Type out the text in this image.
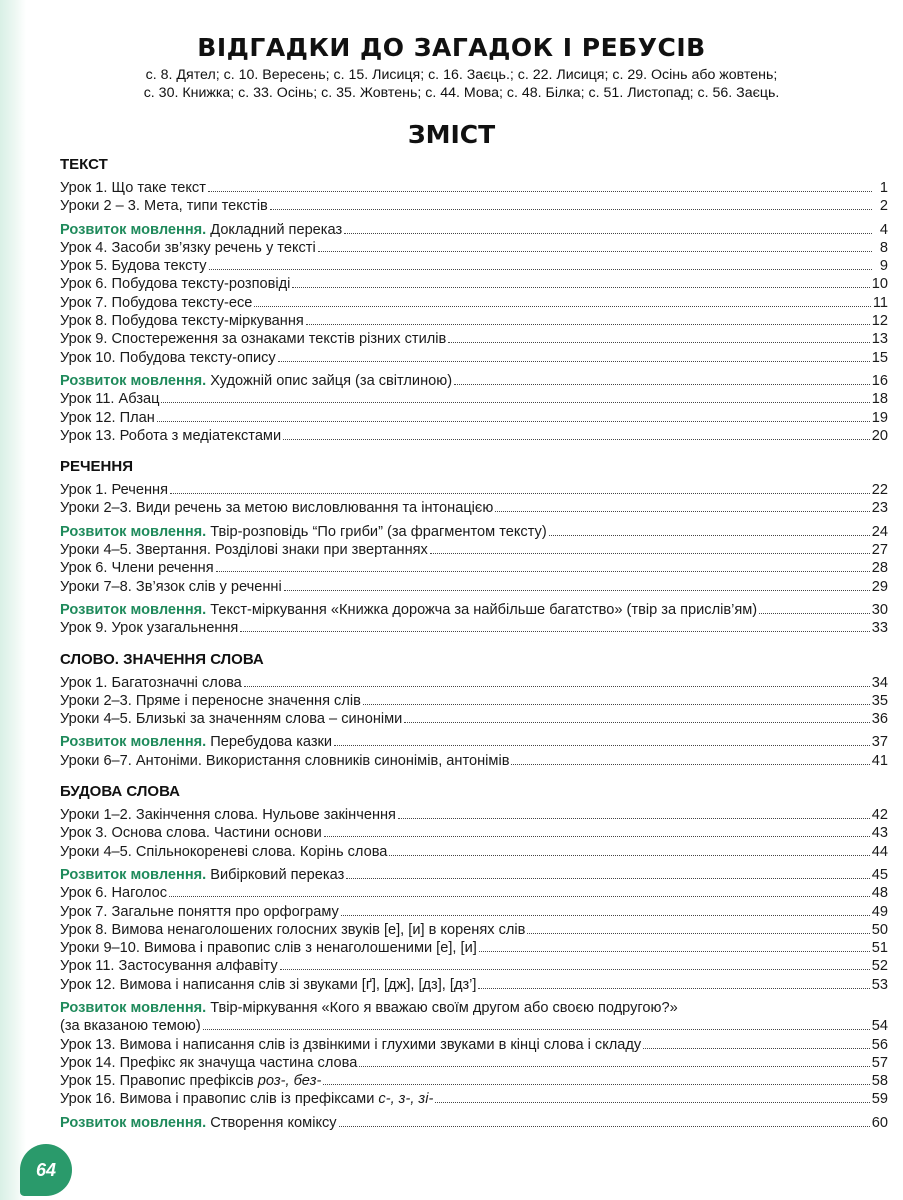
ВІДГАДКИ ДО ЗАГАДОК І РЕБУСІВ
с. 8. Дятел; с. 10. Вересень; с. 15. Лисиця; с. 16. Заєць.; с. 22. Лисиця; с. 29. Осінь або жовтень;
с. 30. Книжка; с. 33. Осінь; с. 35. Жовтень; с. 44. Мова; с. 48. Білка; с. 51. Листопад; с. 56. Заєць.
ЗМІСТ
ТЕКСТ
Урок 1. Що таке текст	1
Уроки 2 – 3. Мета, типи текстів	2
Розвиток мовлення. Докладний переказ	4
Урок 4. Засоби зв’язку речень у тексті	8
Урок 5. Будова тексту	9
Урок 6. Побудова тексту-розповіді	10
Урок 7. Побудова тексту-есе	11
Урок 8. Побудова тексту-міркування	12
Урок 9. Спостереження за ознаками текстів різних стилів	13
Урок 10. Побудова тексту-опису	15
Розвиток мовлення. Художній опис зайця (за світлиною)	16
Урок 11. Абзац	18
Урок 12. План	19
Урок 13. Робота з медіатекстами	20
РЕЧЕННЯ
Урок 1. Речення	22
Уроки 2–3. Види речень за метою висловлювання та інтонацією	23
Розвиток мовлення. Твір-розповідь “По гриби” (за фрагментом тексту)	24
Уроки 4–5. Звертання. Розділові знаки при звертаннях	27
Урок 6. Члени речення	28
Уроки 7–8. Зв’язок слів у реченні	29
Розвиток мовлення. Текст-міркування «Книжка дорожча за найбільше багатство» (твір за прислів’ям)	30
Урок 9. Урок узагальнення	33
СЛОВО. ЗНАЧЕННЯ СЛОВА
Урок 1. Багатозначні слова	34
Уроки 2–3. Пряме і переносне значення слів	35
Уроки 4–5. Близькі за значенням слова – синоніми	36
Розвиток мовлення. Перебудова казки	37
Уроки 6–7. Антоніми. Використання словників синонімів, антонімів	41
БУДОВА СЛОВА
Уроки 1–2. Закінчення слова. Нульове закінчення	42
Урок 3. Основа слова. Частини основи	43
Уроки 4–5. Спільнокореневі слова. Корінь слова	44
Розвиток мовлення. Вибірковий переказ	45
Урок 6. Наголос	48
Урок 7. Загальне поняття про орфограму	49
Урок 8. Вимова ненаголошених голосних звуків [е], [и] в коренях слів	50
Уроки 9–10. Вимова і правопис слів з ненаголошеними [е], [и]	51
Урок 11. Застосування алфавіту	52
Урок 12. Вимова і написання слів зі звуками [ґ], [дж], [дз], [дз’]	53
Розвиток мовлення. Твір-міркування «Кого я вважаю своїм другом або своєю подругою?»
(за вказаною темою)	54
Урок 13. Вимова і написання слів із дзвінкими і глухими звуками в кінці слова і складу	56
Урок 14. Префікс як значуща частина слова	57
Урок 15. Правопис префіксів роз-, без-	58
Урок 16. Вимова і правопис слів із префіксами с-, з-, зі-	59
Розвиток мовлення. Створення коміксу	60
64
